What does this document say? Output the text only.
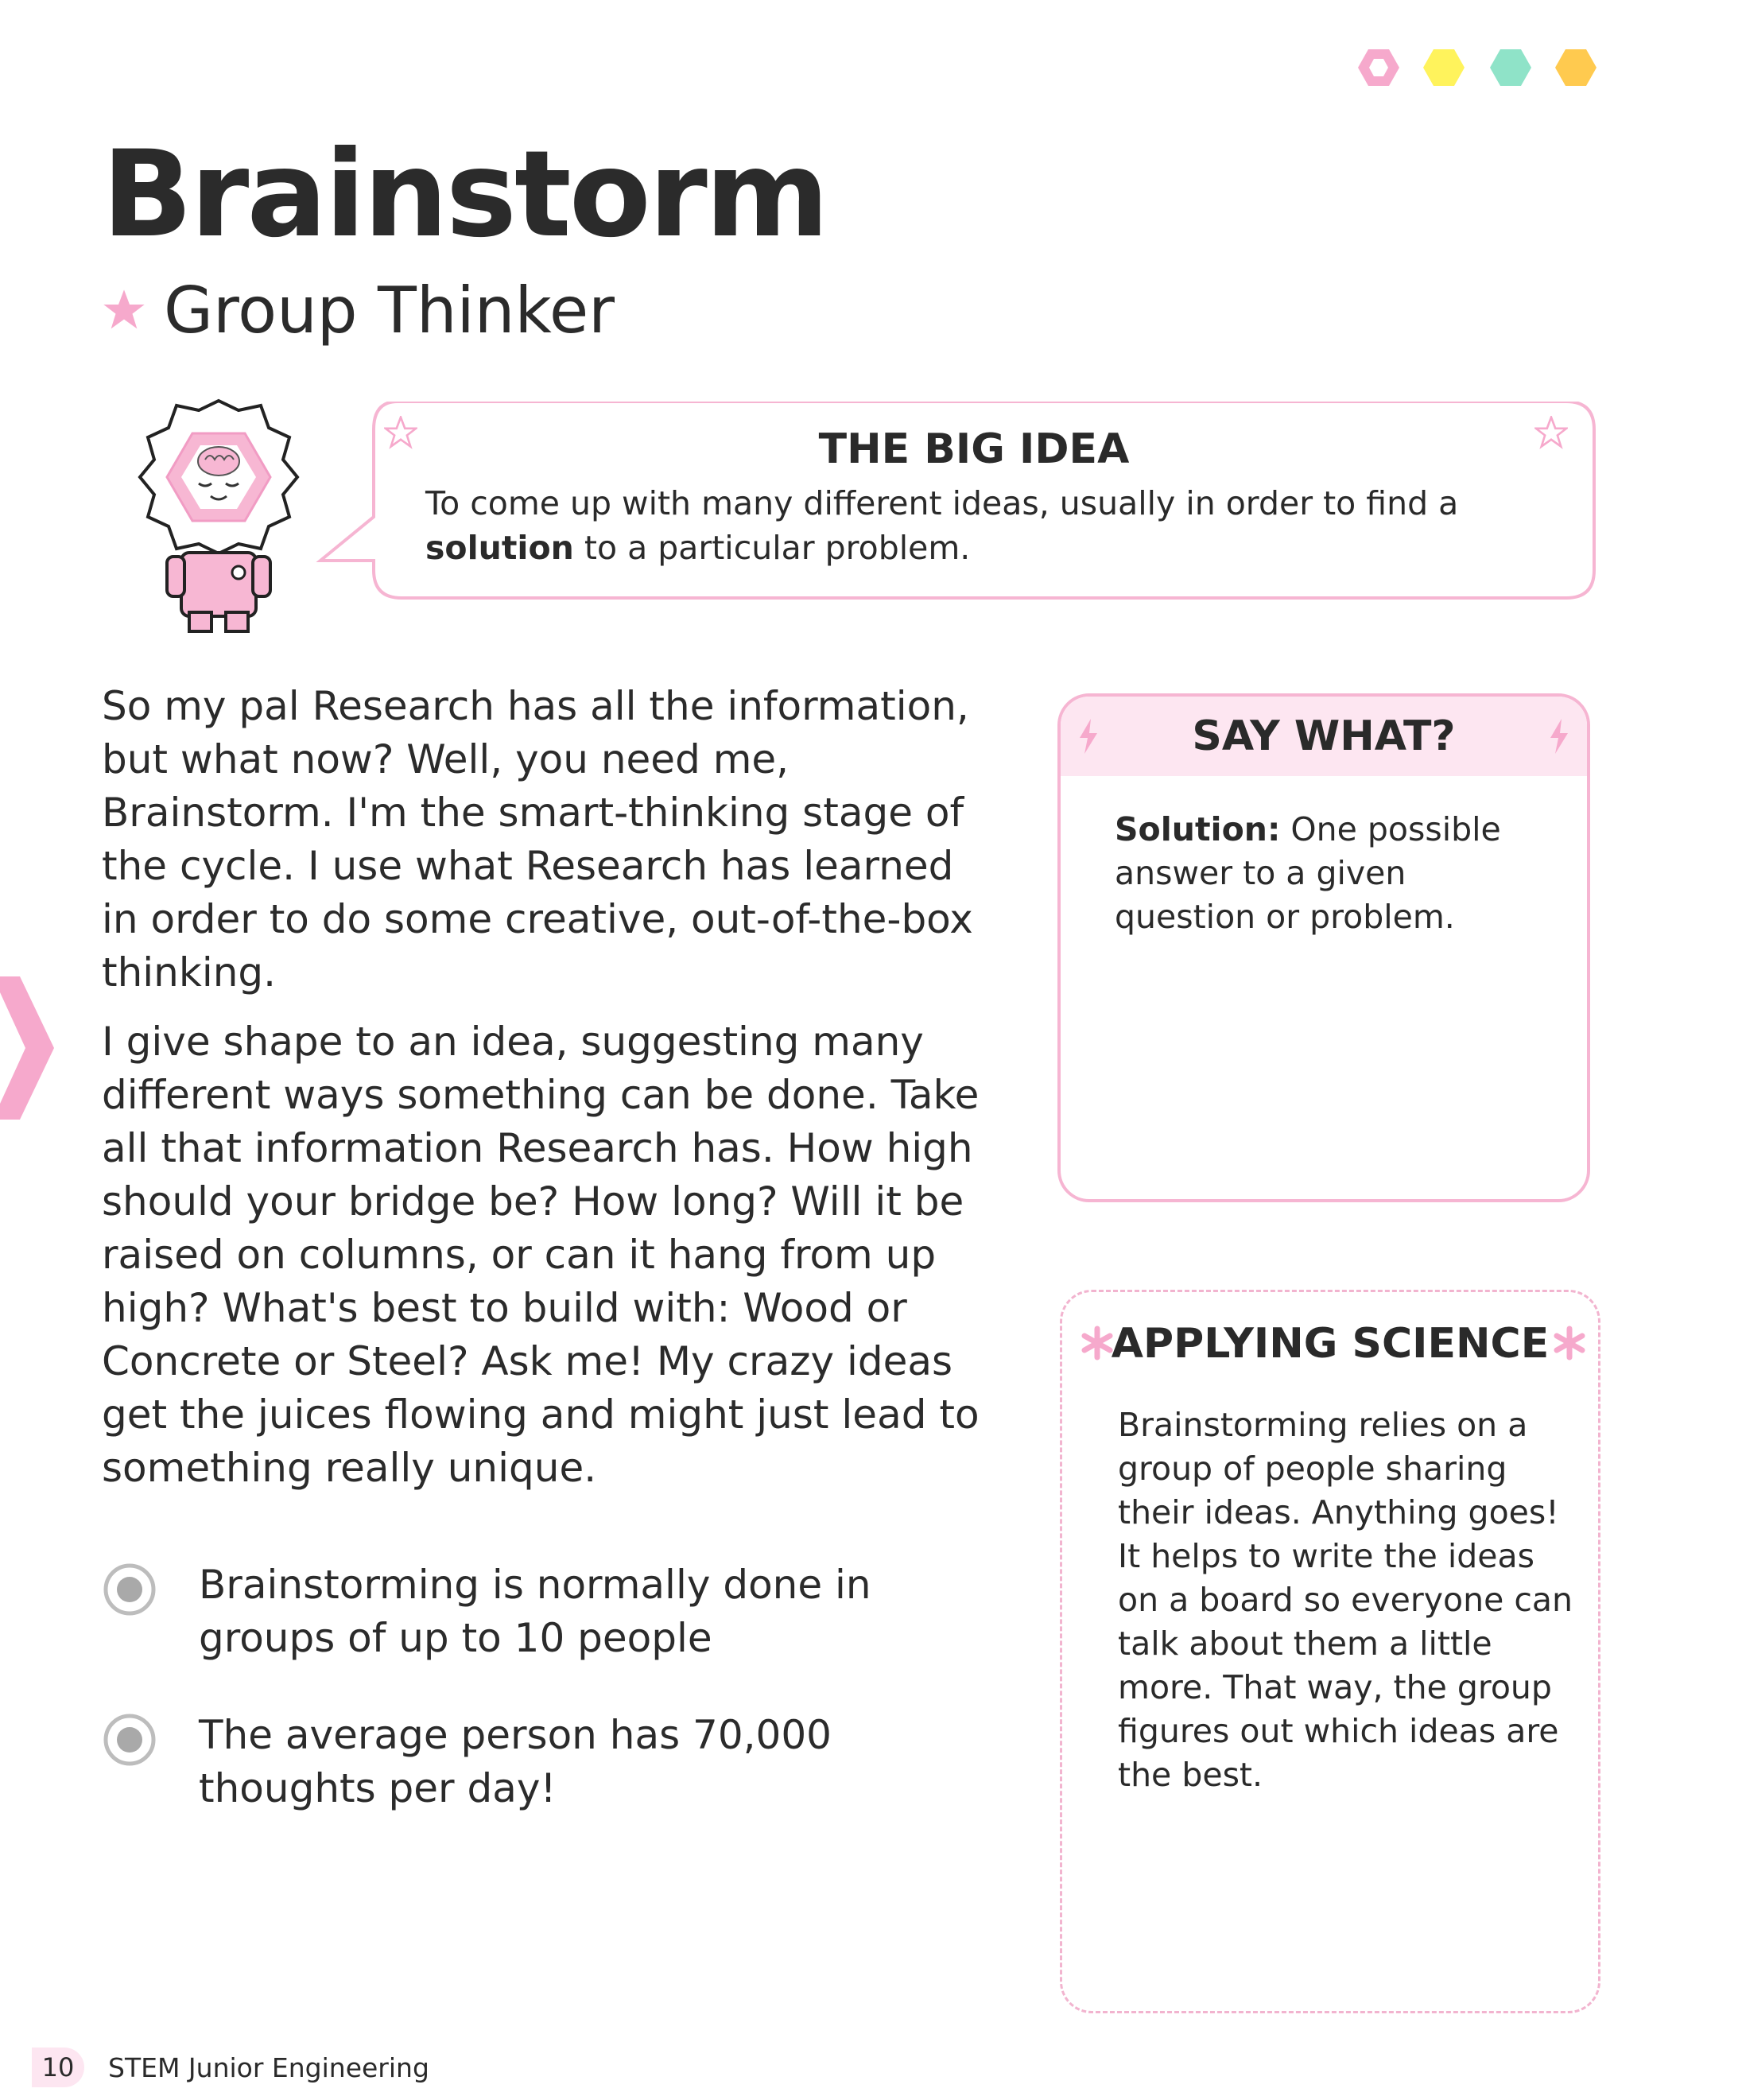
Brainstorm
Group Thinker
THE BIG IDEA
To come up with many different ideas, usually in order to find a solution to a particular problem.

So my pal Research has all the information, but what now? Well, you need me, Brainstorm. I'm the smart-thinking stage of the cycle. I use what Research has learned in order to do some creative, out-of-the-box thinking.

I give shape to an idea, suggesting many different ways something can be done. Take all that information Research has. How high should your bridge be? How long? Will it be raised on columns, or can it hang from up high? What's best to build with: Wood or Concrete or Steel? Ask me! My crazy ideas get the juices flowing and might just lead to something really unique.

Brainstorming is normally done in groups of up to 10 people
The average person has 70,000 thoughts per day!
SAY WHAT?
Solution: One possible answer to a given question or problem.
APPLYING SCIENCE
Brainstorming relies on a group of people sharing their ideas. Anything goes! It helps to write the ideas on a board so everyone can talk about them a little more. That way, the group figures out which ideas are the best.
10	STEM Junior Engineering
